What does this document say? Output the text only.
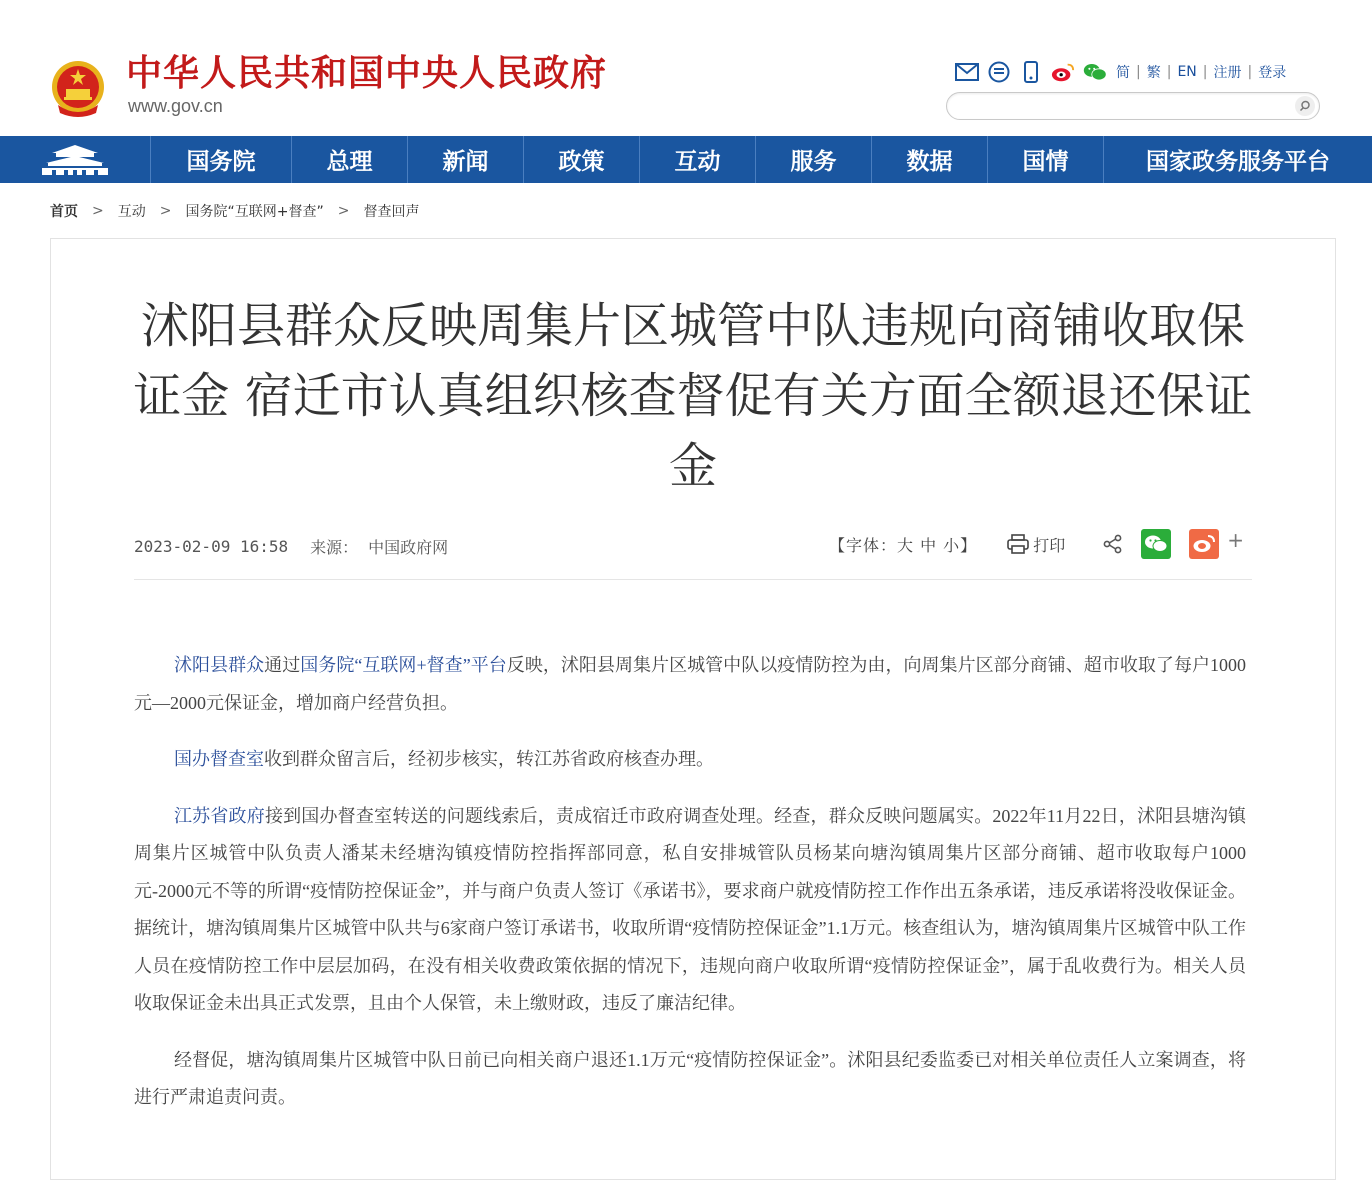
中华人民共和国中央人民政府
www.gov.cn
简 | 繁 | EN | 注册 | 登录
国务院	总理	新闻	政策	互动	服务	数据	国情	国家政务服务平台
首页 > 互动 > 国务院“互联网+督查” > 督查回声
沭阳县群众反映周集片区城管中队违规向商铺收取保证金 宿迁市认真组织核查督促有关方面全额退还保证金
2023-02-09 16:58 来源： 中国政府网	【字体：大 中 小】	打印	+

沭阳县群众通过国务院“互联网+督查”平台反映，沭阳县周集片区城管中队以疫情防控为由，向周集片区部分商铺、超市收取了每户1000元—2000元保证金，增加商户经营负担。

国办督查室收到群众留言后，经初步核实，转江苏省政府核查办理。

江苏省政府接到国办督查室转送的问题线索后，责成宿迁市政府调查处理。经查，群众反映问题属实。2022年11月22日，沭阳县塘沟镇周集片区城管中队负责人潘某未经塘沟镇疫情防控指挥部同意，私自安排城管队员杨某向塘沟镇周集片区部分商铺、超市收取每户1000元-2000元不等的所谓“疫情防控保证金”，并与商户负责人签订《承诺书》，要求商户就疫情防控工作作出五条承诺，违反承诺将没收保证金。据统计，塘沟镇周集片区城管中队共与6家商户签订承诺书，收取所谓“疫情防控保证金”1.1万元。核查组认为，塘沟镇周集片区城管中队工作人员在疫情防控工作中层层加码，在没有相关收费政策依据的情况下，违规向商户收取所谓“疫情防控保证金”，属于乱收费行为。相关人员收取保证金未出具正式发票，且由个人保管，未上缴财政，违反了廉洁纪律。

经督促，塘沟镇周集片区城管中队日前已向相关商户退还1.1万元“疫情防控保证金”。沭阳县纪委监委已对相关单位责任人立案调查，将进行严肃追责问责。
